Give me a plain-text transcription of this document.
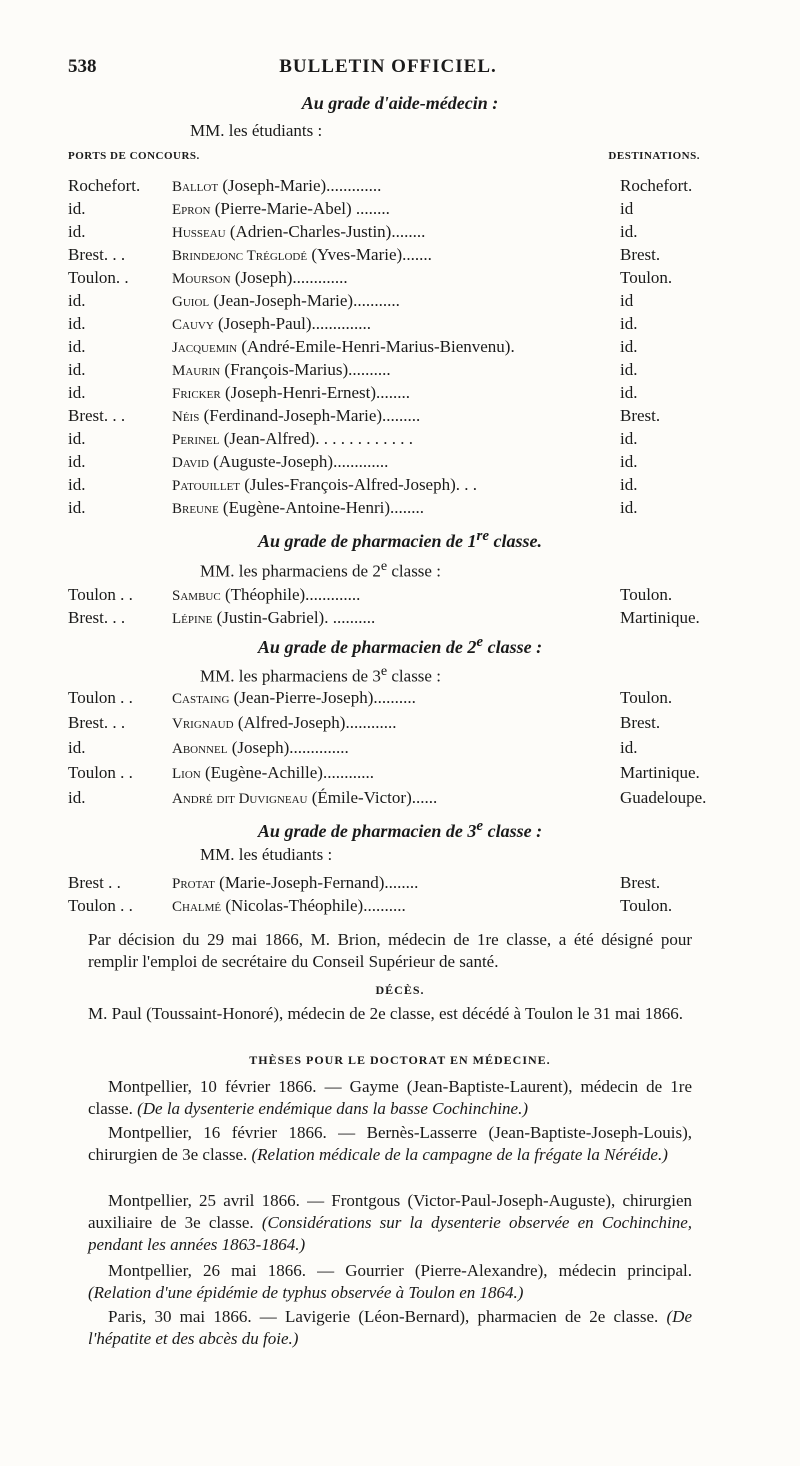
538	BULLETIN OFFICIEL.
Au grade d'aide-médecin :
MM. les étudiants :
PORTS DE CONCOURS.	DESTINATIONS.
Rochefort. Ballot (Joseph-Marie).............	Rochefort.
id.	Epron (Pierre-Marie-Abel) ........	id
id.	Husseau (Adrien-Charles-Justin)........	id.
Brest. . .	Brindejonc Tréglodé (Yves-Marie).......	Brest.
Toulon. .	Mourson (Joseph).............	Toulon.
id.	Guiol (Jean-Joseph-Marie)...........	id
id.	Cauvy (Joseph-Paul)..............	id.
id.	Jacquemin (André-Emile-Henri-Marius-Bienvenu).	id.
id.	Maurin (François-Marius)..........	id.
id.	Fricker (Joseph-Henri-Ernest)........	id.
Brest. . .	Néis (Ferdinand-Joseph-Marie).........	Brest.
id.	Perinel (Jean-Alfred). . . . . . . . . . . .	id.
id.	David (Auguste-Joseph).............	id.
id.	Patouillet (Jules-François-Alfred-Joseph). . .	id.
id.	Breune (Eugène-Antoine-Henri)........	id.
Au grade de pharmacien de 1re classe.
MM. les pharmaciens de 2e classe :
Toulon . .	Sambuc (Théophile).............	Toulon.
Brest. . .	Lépine (Justin-Gabriel). ..........	Martinique.
Au grade de pharmacien de 2e classe :
MM. les pharmaciens de 3e classe :
Toulon . .	Castaing (Jean-Pierre-Joseph)..........	Toulon.
Brest. . .	Vrignaud (Alfred-Joseph)............	Brest.
id.	Abonnel (Joseph)..............	id.
Toulon . .	Lion (Eugène-Achille)............	Martinique.
id.	André dit Duvigneau (Émile-Victor)......	Guadeloupe.
Au grade de pharmacien de 3e classe :
MM. les étudiants :
Brest . .	Protat (Marie-Joseph-Fernand)........	Brest.
Toulon . .	Chalmé (Nicolas-Théophile)..........	Toulon.
Par décision du 29 mai 1866, M. Brion, médecin de 1re classe, a été désigné pour remplir l'emploi de secrétaire du Conseil Supérieur de santé.
DÉCÈS.
M. Paul (Toussaint-Honoré), médecin de 2e classe, est décédé à Toulon le 31 mai 1866.
THÈSES POUR LE DOCTORAT EN MÉDECINE.
Montpellier, 10 février 1866. — Gayme (Jean-Baptiste-Laurent), médecin de 1re classe. (De la dysenterie endémique dans la basse Cochinchine.)
Montpellier, 16 février 1866. — Bernès-Lasserre (Jean-Baptiste-Joseph-Louis), chirurgien de 3e classe. (Relation médicale de la campagne de la frégate la Néréide.)
Montpellier, 25 avril 1866. — Frontgous (Victor-Paul-Joseph-Auguste), chirurgien auxiliaire de 3e classe. (Considérations sur la dysenterie observée en Cochinchine, pendant les années 1863-1864.)
Montpellier, 26 mai 1866. — Gourrier (Pierre-Alexandre), médecin principal. (Relation d'une épidémie de typhus observée à Toulon en 1864.)
Paris, 30 mai 1866. — Lavigerie (Léon-Bernard), pharmacien de 2e classe. (De l'hépatite et des abcès du foie.)
